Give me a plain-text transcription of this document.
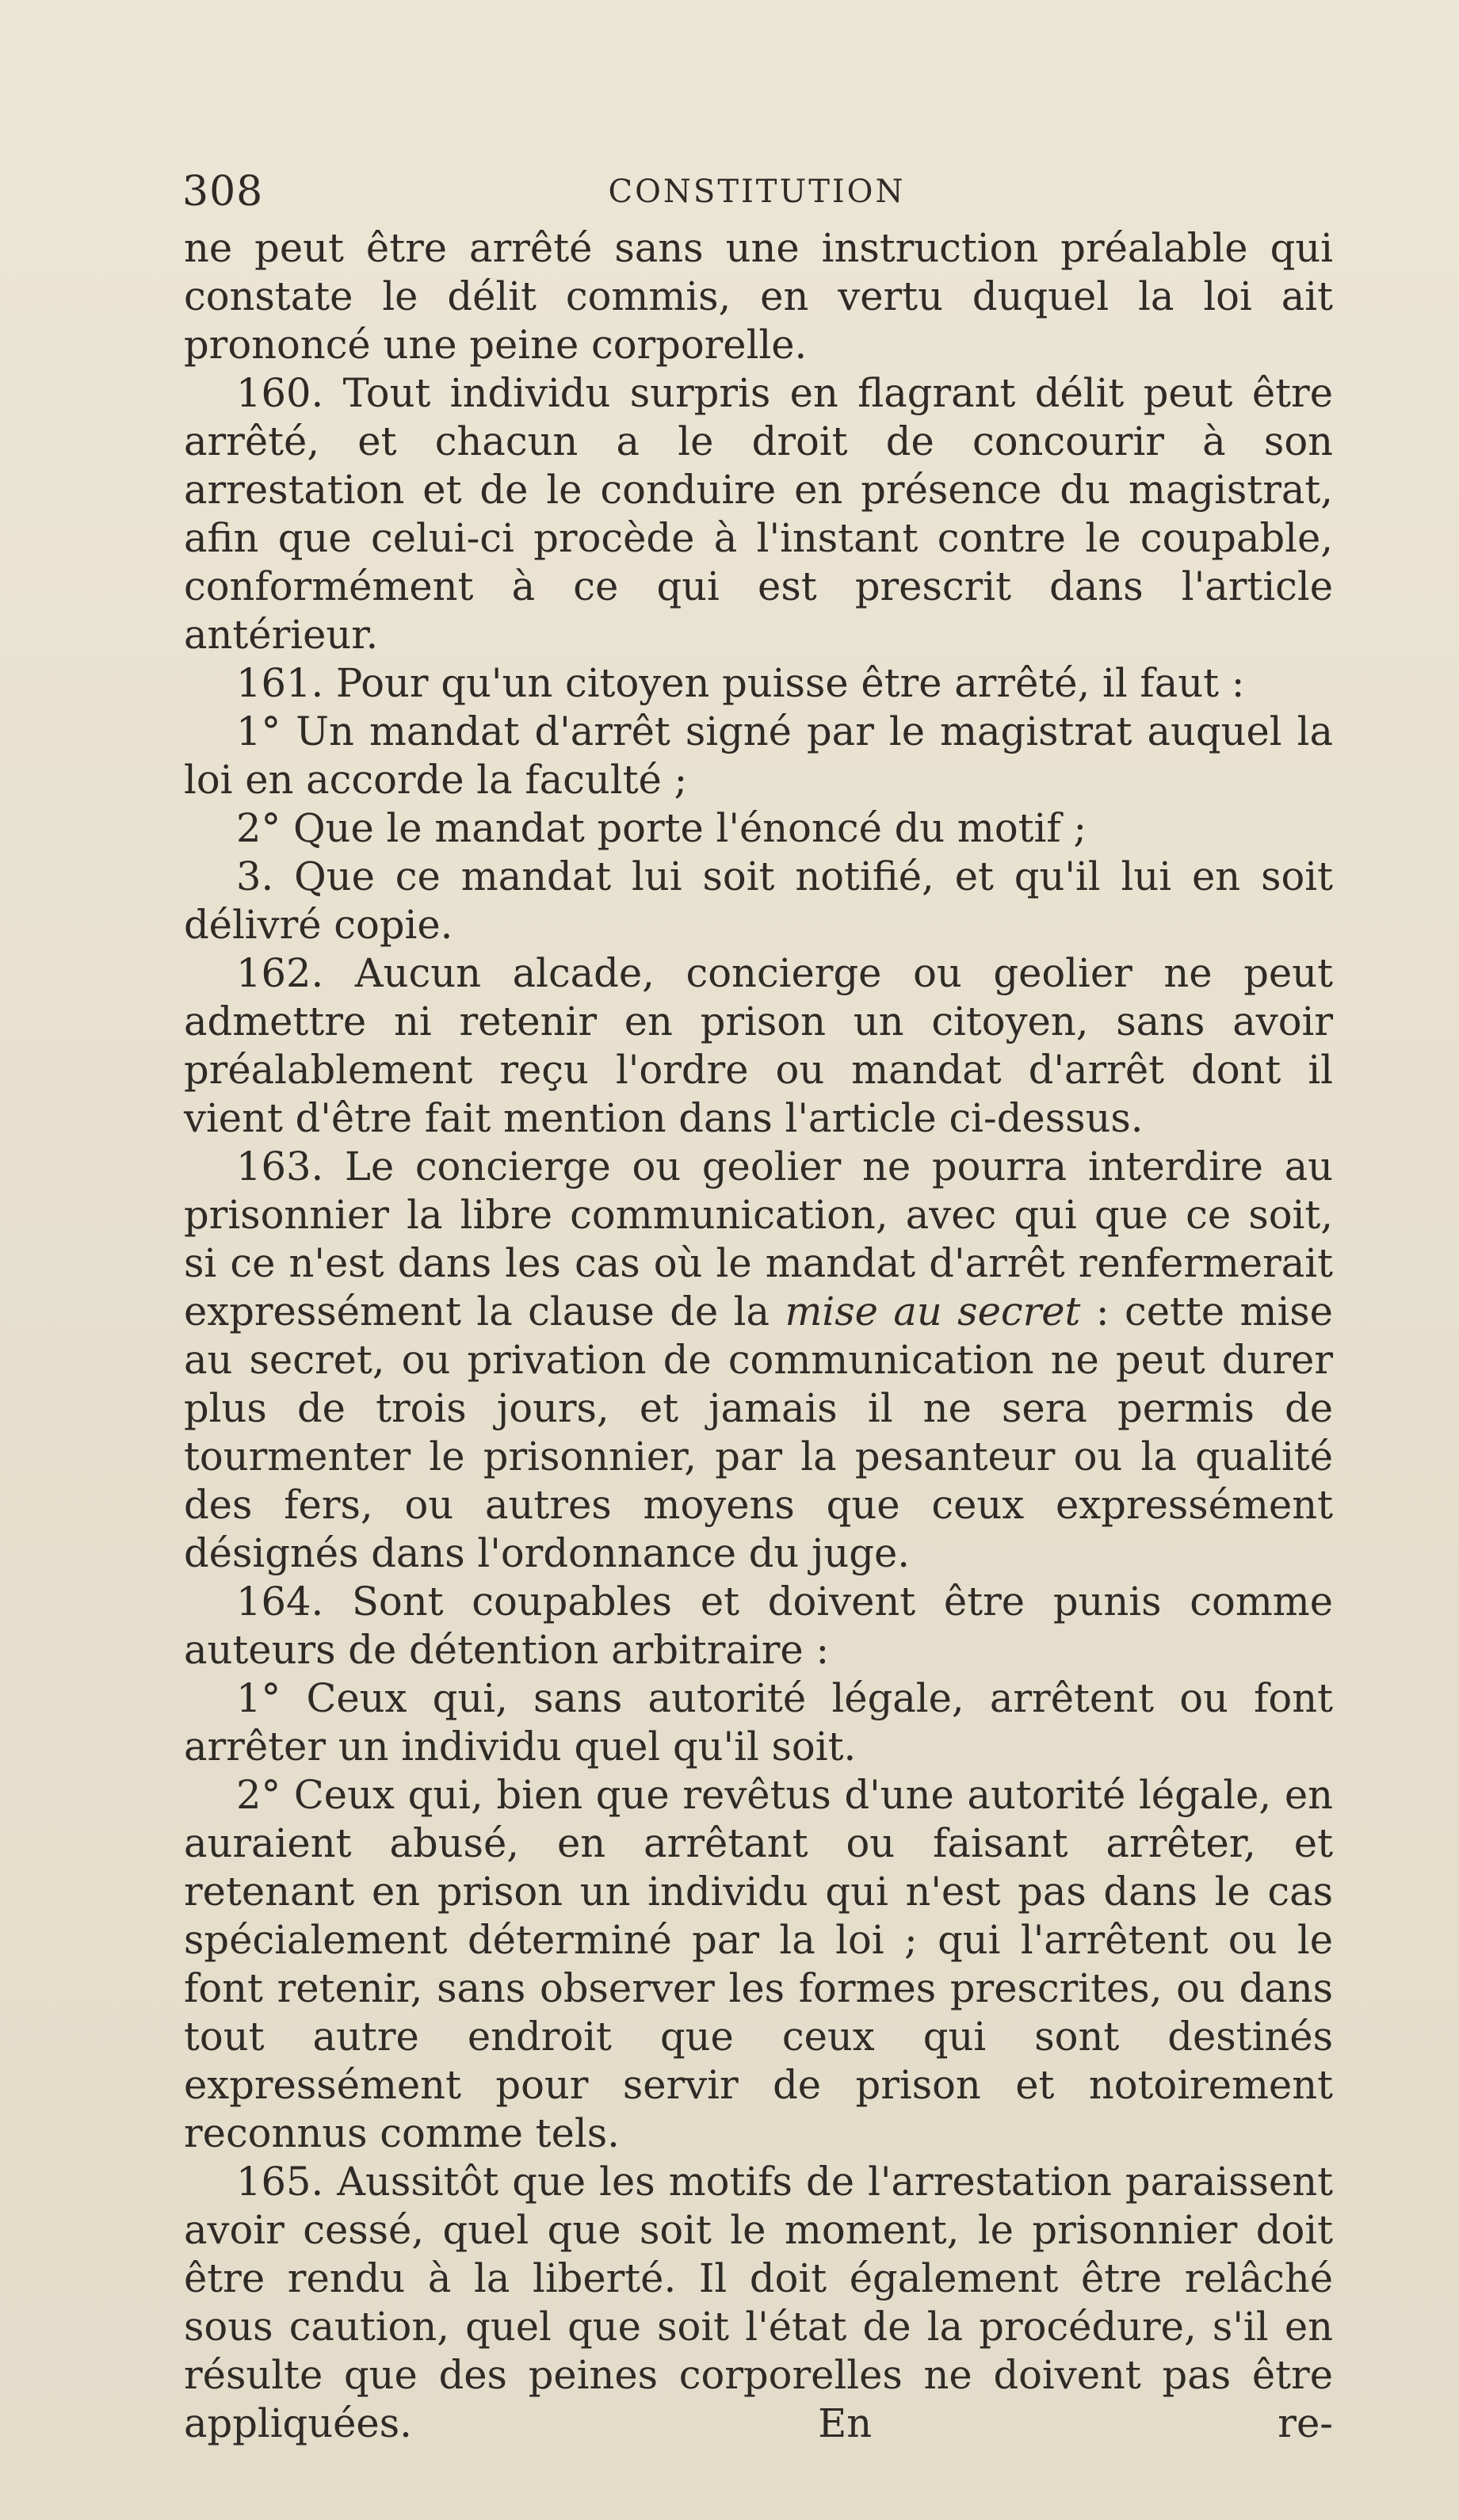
308	CONSTITUTION

ne peut être arrêté sans une instruction préalable qui constate le délit commis, en vertu duquel la loi ait prononcé une peine corporelle.

160. Tout individu surpris en flagrant délit peut être arrêté, et chacun a le droit de concourir à son arrestation et de le conduire en présence du magistrat, afin que celui-ci procède à l'instant contre le coupable, conformément à ce qui est prescrit dans l'article antérieur.

161. Pour qu'un citoyen puisse être arrêté, il faut :

1° Un mandat d'arrêt signé par le magistrat auquel la loi en accorde la faculté ;

2° Que le mandat porte l'énoncé du motif ;

3. Que ce mandat lui soit notifié, et qu'il lui en soit délivré copie.

162. Aucun alcade, concierge ou geolier ne peut admettre ni retenir en prison un citoyen, sans avoir préalablement reçu l'ordre ou mandat d'arrêt dont il vient d'être fait mention dans l'article ci-dessus.

163. Le concierge ou geolier ne pourra interdire au prisonnier la libre communication, avec qui que ce soit, si ce n'est dans les cas où le mandat d'arrêt renfermerait expressément la clause de la mise au secret : cette mise au secret, ou privation de communication ne peut durer plus de trois jours, et jamais il ne sera permis de tourmenter le prisonnier, par la pesanteur ou la qualité des fers, ou autres moyens que ceux expressément désignés dans l'ordonnance du juge.

164. Sont coupables et doivent être punis comme auteurs de détention arbitraire :

1° Ceux qui, sans autorité légale, arrêtent ou font arrêter un individu quel qu'il soit.

2° Ceux qui, bien que revêtus d'une autorité légale, en auraient abusé, en arrêtant ou faisant arrêter, et retenant en prison un individu qui n'est pas dans le cas spécialement déterminé par la loi ; qui l'arrêtent ou le font retenir, sans observer les formes prescrites, ou dans tout autre endroit que ceux qui sont destinés expressément pour servir de prison et notoirement reconnus comme tels.

165. Aussitôt que les motifs de l'arrestation paraissent avoir cessé, quel que soit le moment, le prisonnier doit être rendu à la liberté. Il doit également être relâché sous caution, quel que soit l'état de la procédure, s'il en résulte que des peines corporelles ne doivent pas être appliquées. En re-
